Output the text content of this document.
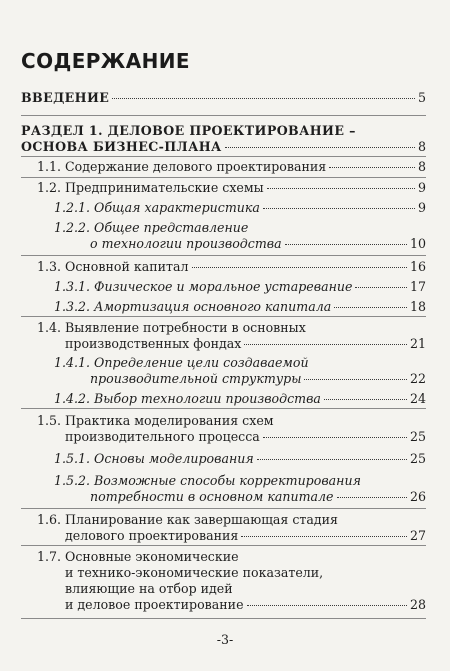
СОДЕРЖАНИЕ
ВВЕДЕНИЕ	5
РАЗДЕЛ 1. ДЕЛОВОЕ ПРОЕКТИРОВАНИЕ –
ОСНОВА БИЗНЕС-ПЛАНА	8
1.1. Содержание делового проектирования	8
1.2. Предпринимательские схемы	9
1.2.1. Общая характеристика	9
1.2.2. Общее представление
о технологии производства	10
1.3. Основной капитал	16
1.3.1. Физическое и моральное устаревание	17
1.3.2. Амортизация основного капитала	18
1.4. Выявление потребности в основных
производственных фондах	21
1.4.1. Определение цели создаваемой
производительной структуры	22
1.4.2. Выбор технологии производства	24
1.5. Практика моделирования схем
производительного процесса	25
1.5.1. Основы моделирования	25
1.5.2. Возможные способы корректирования
потребности в основном капитале	26
1.6. Планирование как завершающая стадия
делового проектирования	27
1.7. Основные экономические
и технико-экономические показатели,
влияющие на отбор идей
и деловое проектирование	28
-3-
